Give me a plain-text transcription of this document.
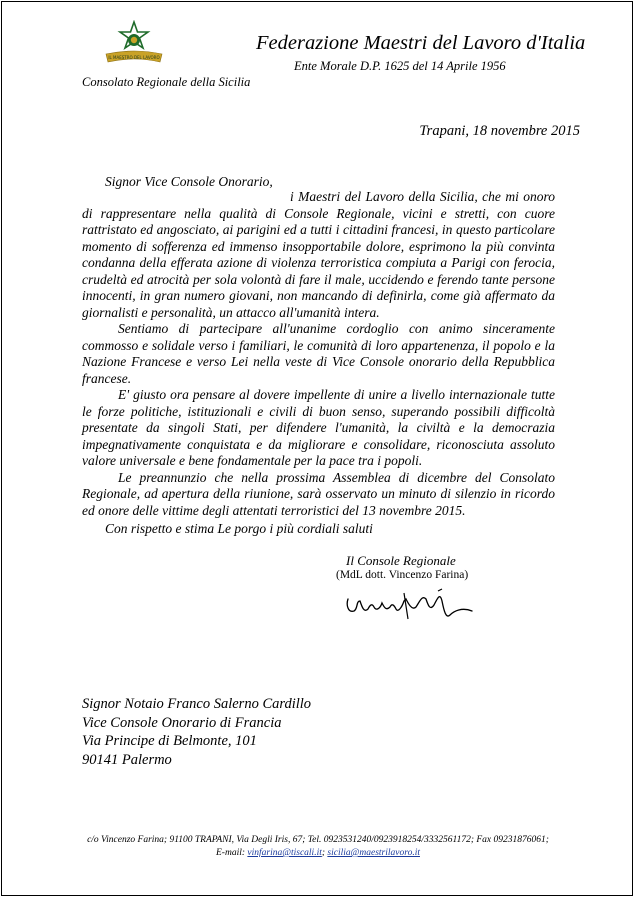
IL MAESTRO DEL LAVORO
Federazione Maestri del Lavoro d'Italia
Ente Morale D.P. 1625 del 14 Aprile 1956
Consolato Regionale della Sicilia
Trapani, 18 novembre 2015
Signor Vice Console Onorario,

i Maestri del Lavoro della Sicilia, che mi onoro di rappresentare nella qualità di Console Regionale, vicini e stretti, con cuore rattristato ed angosciato, ai parigini ed a tutti i cittadini francesi, in questo particolare momento di sofferenza ed immenso insopportabile dolore, esprimono la più convinta condanna della efferata azione di violenza terroristica compiuta a Parigi con ferocia, crudeltà ed atrocità per sola volontà di fare il male, uccidendo e ferendo tante persone innocenti, in gran numero giovani, non mancando di definirla, come già affermato da giornalisti e personalità, un attacco all'umanità intera.

Sentiamo di partecipare all'unanime cordoglio con animo sinceramente commosso e solidale verso i familiari, le comunità di loro appartenenza, il popolo e la Nazione Francese e verso Lei nella veste di Vice Console onorario della Repubblica francese.

E' giusto ora pensare al dovere impellente di unire a livello internazionale tutte le forze politiche, istituzionali e civili di buon senso, superando possibili difficoltà presentate da singoli Stati, per difendere l'umanità, la civiltà e la democrazia impegnativamente conquistata e da migliorare e consolidare, riconosciuta assoluto valore universale e bene fondamentale per la pace tra i popoli.

Le preannunzio che nella prossima Assemblea di dicembre del Consolato Regionale, ad apertura della riunione, sarà osservato un minuto di silenzio in ricordo ed onore delle vittime degli attentati terroristici del 13 novembre 2015.

Con rispetto e stima Le porgo i più cordiali saluti
Il Console Regionale
(MdL dott. Vincenzo Farina)
Signor Notaio Franco Salerno Cardillo
Vice Console Onorario di Francia
Via Principe di Belmonte, 101
90141 Palermo
c/o Vincenzo Farina; 91100 TRAPANI, Via Degli Iris, 67; Tel. 0923531240/0923918254/3332561172; Fax 09231876061;
E-mail: vinfarina@tiscali.it; sicilia@maestrilavoro.it
